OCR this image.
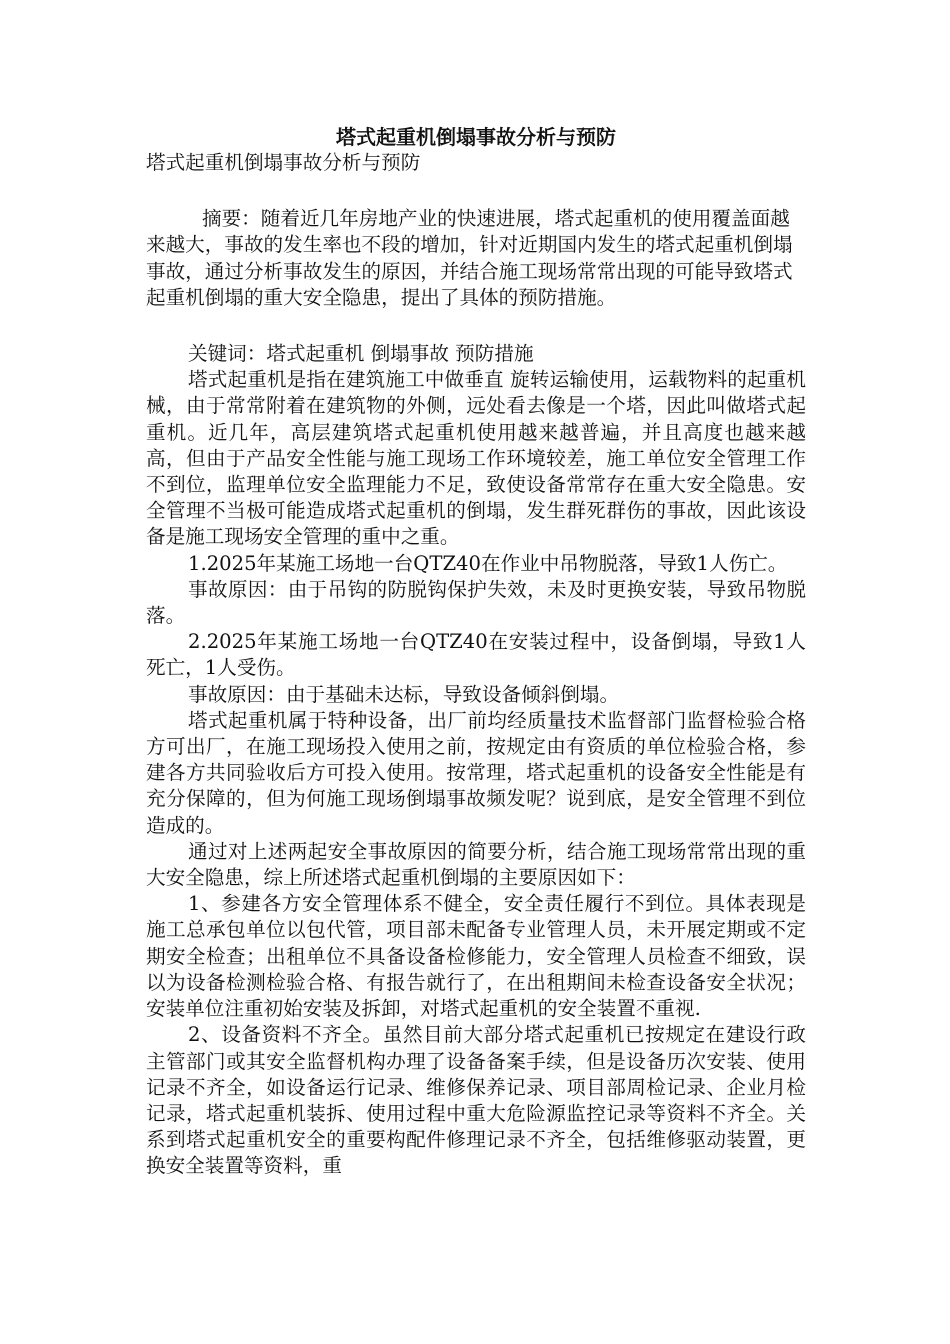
塔式起重机倒塌事故分析与预防

塔式起重机倒塌事故分析与预防

摘要：随着近几年房地产业的快速进展，塔式起重机的使用覆盖面越来越大，事故的发生率也不段的增加，针对近期国内发生的塔式起重机倒塌事故，通过分析事故发生的原因，并结合施工现场常常出现的可能导致塔式起重机倒塌的重大安全隐患，提出了具体的预防措施。

关键词：塔式起重机 倒塌事故 预防措施

塔式起重机是指在建筑施工中做垂直 旋转运输使用，运载物料的起重机械，由于常常附着在建筑物的外侧，远处看去像是一个塔，因此叫做塔式起重机。近几年，高层建筑塔式起重机使用越来越普遍，并且高度也越来越高，但由于产品安全性能与施工现场工作环境较差，施工单位安全管理工作不到位，监理单位安全监理能力不足，致使设备常常存在重大安全隐患。安全管理不当极可能造成塔式起重机的倒塌，发生群死群伤的事故，因此该设备是施工现场安全管理的重中之重。

1.2025年某施工场地一台QTZ40在作业中吊物脱落，导致1人伤亡。

事故原因：由于吊钩的防脱钩保护失效，未及时更换安装，导致吊物脱落。

2.2025年某施工场地一台QTZ40在安装过程中，设备倒塌，导致1人死亡，1人受伤。

事故原因：由于基础未达标，导致设备倾斜倒塌。

塔式起重机属于特种设备，出厂前均经质量技术监督部门监督检验合格方可出厂，在施工现场投入使用之前，按规定由有资质的单位检验合格，参建各方共同验收后方可投入使用。按常理，塔式起重机的设备安全性能是有充分保障的，但为何施工现场倒塌事故频发呢？说到底，是安全管理不到位造成的。

通过对上述两起安全事故原因的简要分析，结合施工现场常常出现的重大安全隐患，综上所述塔式起重机倒塌的主要原因如下：

1、参建各方安全管理体系不健全，安全责任履行不到位。具体表现是施工总承包单位以包代管，项目部未配备专业管理人员，未开展定期或不定期安全检查；出租单位不具备设备检修能力，安全管理人员检查不细致，误以为设备检测检验合格、有报告就行了，在出租期间未检查设备安全状况；安装单位注重初始安装及拆卸，对塔式起重机的安全装置不重视.

2、设备资料不齐全。虽然目前大部分塔式起重机已按规定在建设行政主管部门或其安全监督机构办理了设备备案手续，但是设备历次安装、使用记录不齐全，如设备运行记录、维修保养记录、项目部周检记录、企业月检记录，塔式起重机装拆、使用过程中重大危险源监控记录等资料不齐全。关系到塔式起重机安全的重要构配件修理记录不齐全，包括维修驱动装置，更换安全装置等资料，重
